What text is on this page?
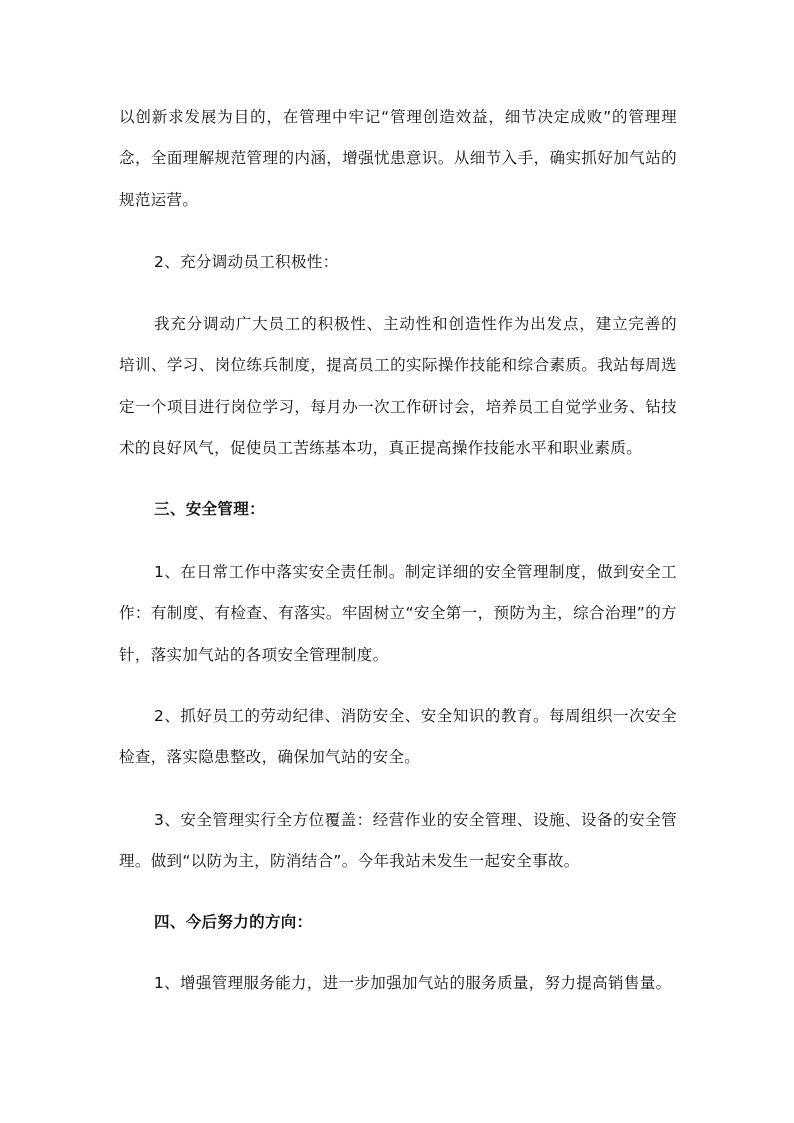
以创新求发展为目的，在管理中牢记“管理创造效益，细节决定成败”的管理理念，全面理解规范管理的内涵，增强忧患意识。从细节入手，确实抓好加气站的规范运营。

2、充分调动员工积极性：

我充分调动广大员工的积极性、主动性和创造性作为出发点，建立完善的培训、学习、岗位练兵制度，提高员工的实际操作技能和综合素质。我站每周选定一个项目进行岗位学习，每月办一次工作研讨会，培养员工自觉学业务、钻技术的良好风气，促使员工苦练基本功，真正提高操作技能水平和职业素质。

三、安全管理：

1、在日常工作中落实安全责任制。制定详细的安全管理制度，做到安全工作：有制度、有检查、有落实。牢固树立“安全第一，预防为主，综合治理”的方针，落实加气站的各项安全管理制度。

2、抓好员工的劳动纪律、消防安全、安全知识的教育。每周组织一次安全检查，落实隐患整改，确保加气站的安全。

3、安全管理实行全方位覆盖：经营作业的安全管理、设施、设备的安全管理。做到“以防为主，防消结合”。今年我站未发生一起安全事故。

四、今后努力的方向：

1、增强管理服务能力，进一步加强加气站的服务质量，努力提高销售量。
